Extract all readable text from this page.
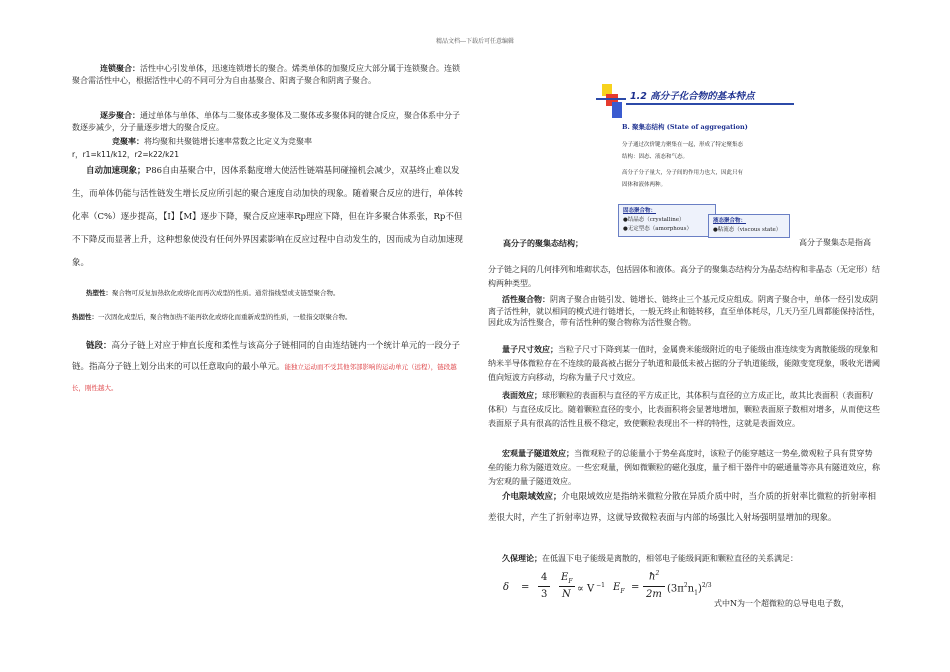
精品文档---下载后可任意编辑

连锁聚合：活性中心引发单体，迅速连锁增长的聚合。烯类单体的加聚反应大部分属于连锁聚合。连锁聚合需活性中心，根据活性中心的不同可分为自由基聚合、阳离子聚合和阴离子聚合。

逐步聚合：通过单体与单体、单体与二聚体或多聚体及二聚体或多聚体间的键合反应，聚合体系中分子数逐步减少，分子量逐步增大的聚合反应。

竞聚率：将均聚和共聚链增长速率常数之比定义为竞聚率

r，r1=k11/k12，r2=k22/k21

自动加速现象；P86自由基聚合中，因体系黏度增大使活性链端基间碰撞机会减少，双基终止难以发生，而单体仍能与活性链发生增长反应所引起的聚合速度自动加快的现象。随着聚合反应的进行，单体转化率（C%）逐步提高，【I】【M】逐步下降，聚合反应速率Rp理应下降，但在许多聚合体系张，Rp不但不下降反而显著上升，这种想象使没有任何外界因素影响在反应过程中自动发生的，因而成为自动加速现象。

热塑性：聚合物可反复加热软化或熔化而再次成型的性质。通常指线型或支链型聚合物。

热固性：一次固化成型后，聚合物加热不能再软化或熔化而重新成型的性质，一般指交联聚合物。

链段：高分子链上对应于伸直长度和柔性与该高分子链相同的自由连结链内一个统计单元的一段分子链。指高分子链上划分出来的可以任意取向的最小单元。能独立运动而不受其他邻部影响的运动单元（远程），链段越长，刚性越大。

1.2 高分子化合物的基本特点
B. 聚集态结构 (State of aggregation)
分子通过次价键力聚集在一起，形成了特定聚集态
结构：固态、液态和气态。
高分子分子量大，分子间的作用力也大，因此只有
固体和液体两种。
固态聚合物：
●结晶态（crystalline）
●无定型态（amorphous）
液态聚合物：
●粘流态（viscous state）
高分子的聚集态结构；	高分子聚集态是指高

分子链之间的几何排列和堆砌状态，包括固体和液体。高分子的聚集态结构分为晶态结构和非晶态（无定形）结构两种类型。

活性聚合物：阴离子聚合由链引发、链增长、链终止三个基元反应组成。阴离子聚合中，单体一经引发成阴离子活性种，就以相同的模式进行链增长，一般无终止和链转移，直至单体耗尽，几天乃至几周都能保持活性，因此成为活性聚合，带有活性种的聚合物称为活性聚合物。

量子尺寸效应；当粒子尺寸下降到某一值时，金属费米能级附近的电子能级由准连续变为离散能级的现象和纳米半导体微粒存在不连续的最高被占据分子轨道和最低未被占据的分子轨道能级，能隙变宽现象，吸收光谱阈值向短波方向移动，均称为量子尺寸效应。

表面效应；球形颗粒的表面积与直径的平方成正比，其体积与直径的立方成正比，故其比表面积（表面积/体积）与直径成反比。随着颗粒直径的变小，比表面积将会显著地增加，颗粒表面原子数相对增多，从而使这些表面原子具有很高的活性且极不稳定，致使颗粒表现出不一样的特性，这就是表面效应。

宏观量子隧道效应；当微观粒子的总能量小于势垒高度时，该粒子仍能穿越这一势垒,微观粒子具有贯穿势垒的能力称为隧道效应。一些宏观量，例如微颗粒的磁化强度，量子相干器件中的磁通量等亦具有隧道效应，称为宏观的量子隧道效应。

介电限域效应；介电限域效应是指纳米微粒分散在异质介质中时，当介质的折射率比微粒的折射率相差很大时，产生了折射率边界，这就导致微粒表面与内部的场强比入射场强明显增加的现象。

久保理论；在低温下电子能级是离散的，相邻电子能级间距和颗粒直径的关系满足：

δ =
4
3
$E_F$
N
∝ V $^{-1}$ $E_F$ =
$ħ^2$
2m
$(3\pi^2n_1)^{2/3}$
式中N为一个超微粒的总导电电子数，
